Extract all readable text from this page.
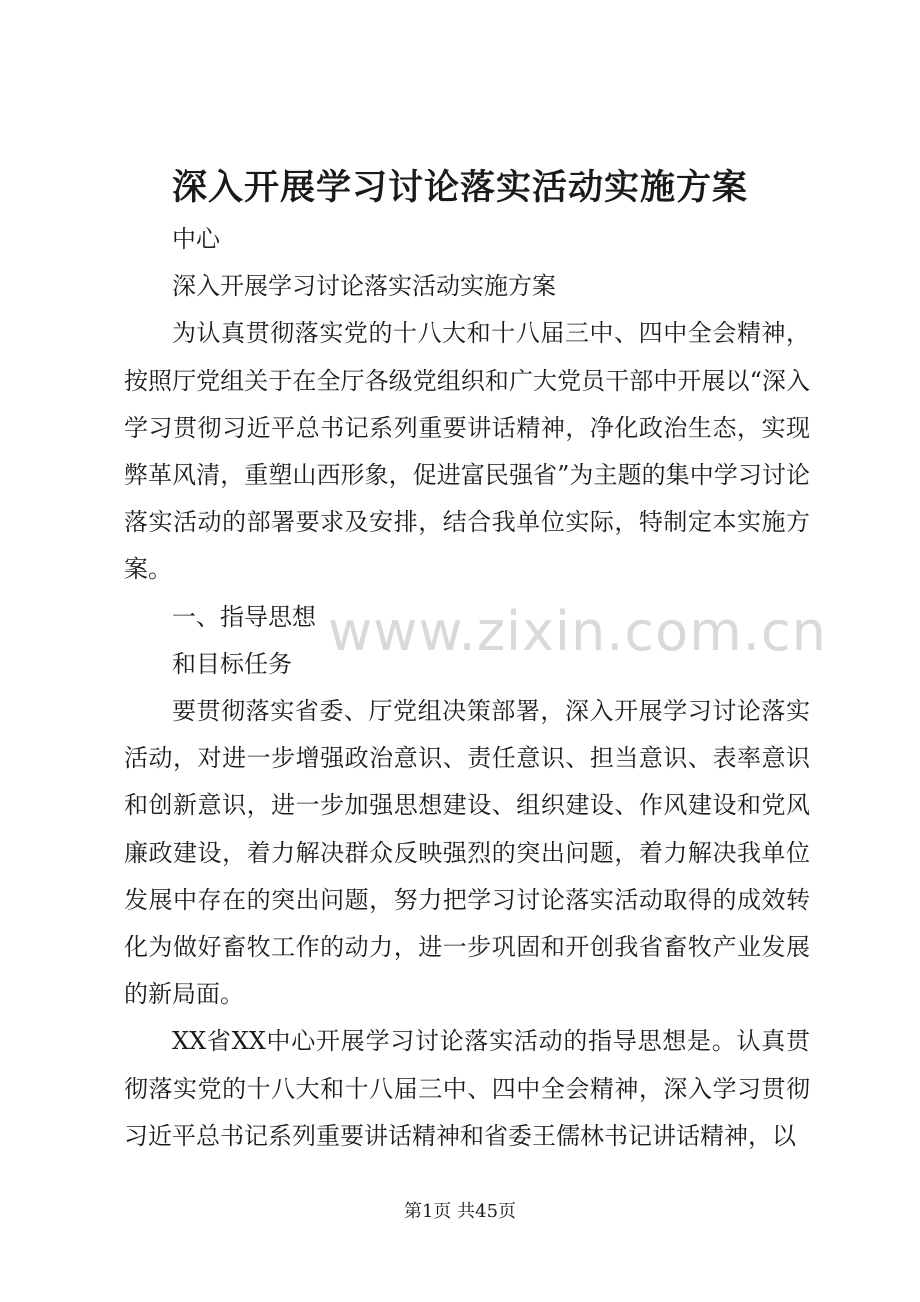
深入开展学习讨论落实活动实施方案

中心

深入开展学习讨论落实活动实施方案

为认真贯彻落实党的十八大和十八届三中、四中全会精神，按照厅党组关于在全厅各级党组织和广大党员干部中开展以“深入学习贯彻习近平总书记系列重要讲话精神，净化政治生态，实现弊革风清，重塑山西形象，促进富民强省”为主题的集中学习讨论落实活动的部署要求及安排，结合我单位实际，特制定本实施方案。

一、指导思想

和目标任务

要贯彻落实省委、厅党组决策部署，深入开展学习讨论落实活动，对进一步增强政治意识、责任意识、担当意识、表率意识和创新意识，进一步加强思想建设、组织建设、作风建设和党风廉政建设，着力解决群众反映强烈的突出问题，着力解决我单位发展中存在的突出问题，努力把学习讨论落实活动取得的成效转化为做好畜牧工作的动力，进一步巩固和开创我省畜牧产业发展的新局面。

XX省XX中心开展学习讨论落实活动的指导思想是。认真贯彻落实党的十八大和十八届三中、四中全会精神，深入学习贯彻习近平总书记系列重要讲话精神和省委王儒林书记讲话精神，以

www.zixin.com.cn
第1页 共45页
